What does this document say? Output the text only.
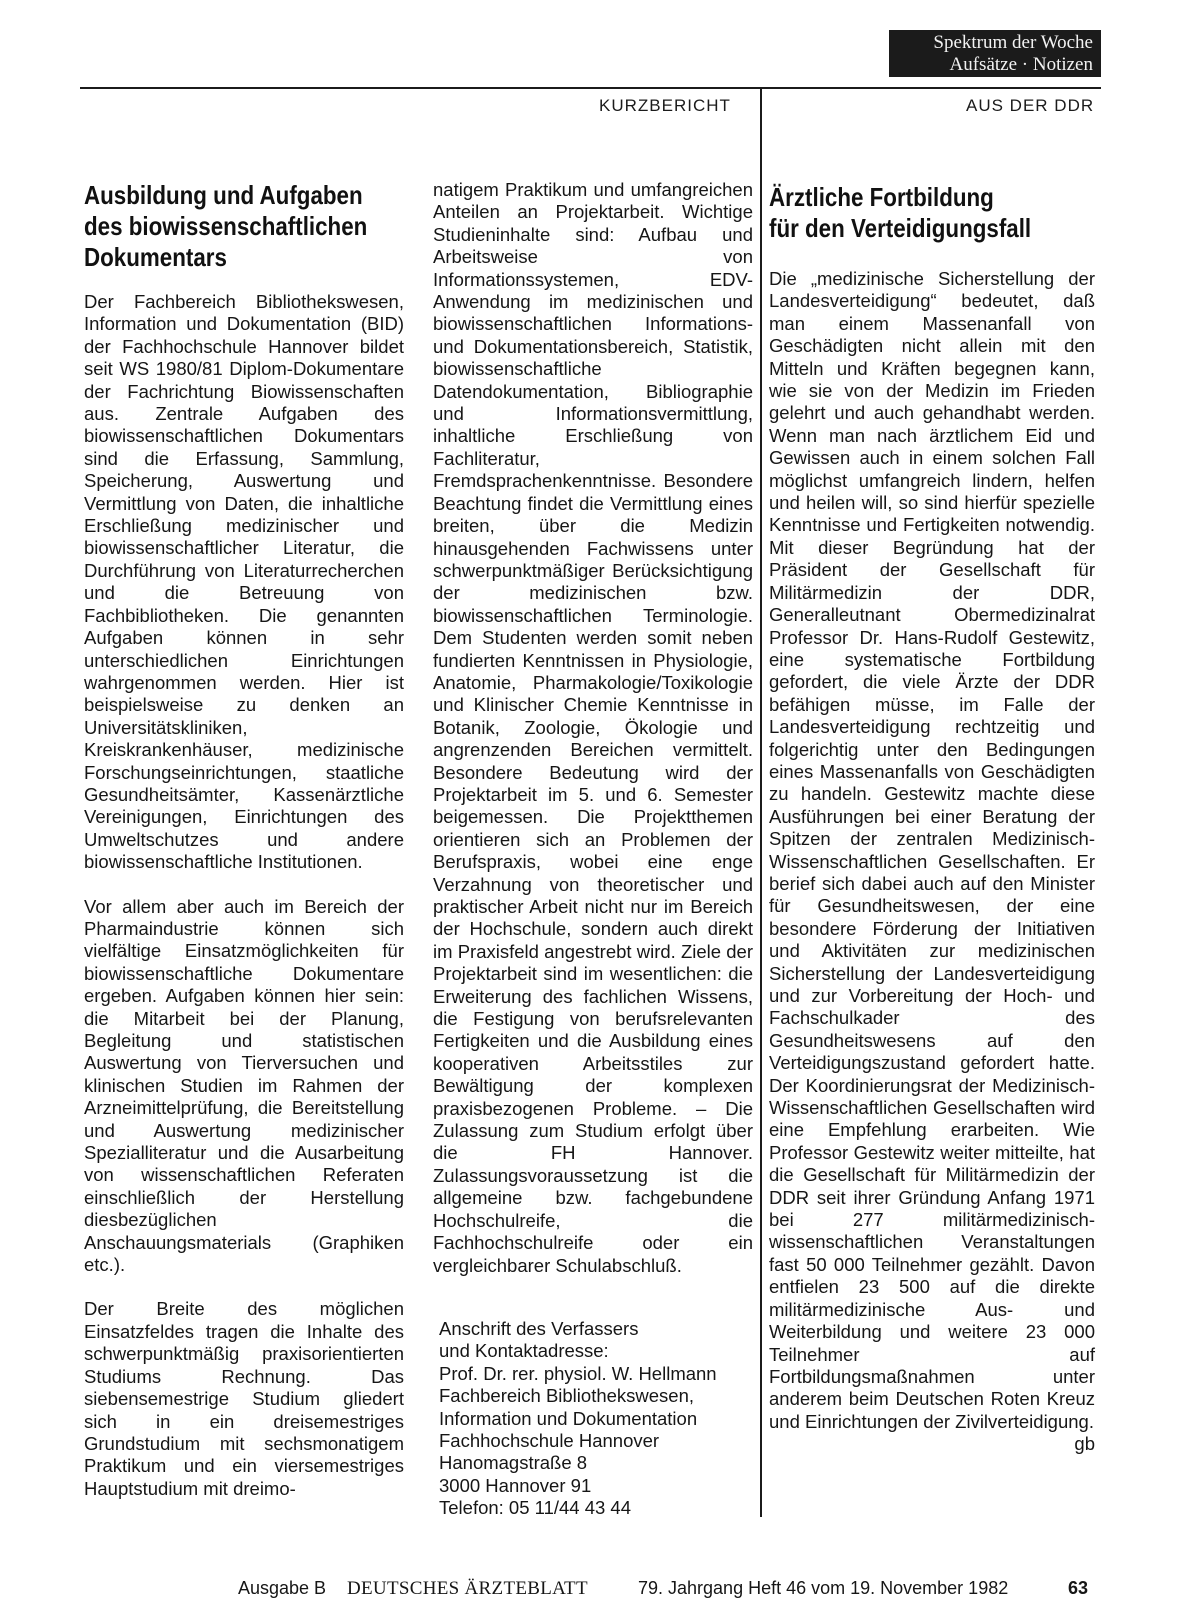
Spektrum der Woche
Aufsätze · Notizen
KURZBERICHT	AUS DER DDR
Ausbildung und Aufgaben
des biowissenschaftlichen
Dokumentars

Der Fachbereich Bibliothekswesen, Information und Dokumentation (BID) der Fachhochschule Hannover bildet seit WS 1980/81 Diplom-Dokumentare der Fachrichtung Biowissenschaften aus. Zentrale Aufgaben des biowissenschaftlichen Dokumentars sind die Erfassung, Sammlung, Speicherung, Auswertung und Vermittlung von Daten, die inhaltliche Erschließung medizinischer und biowissenschaftlicher Literatur, die Durchführung von Literaturrecherchen und die Betreuung von Fachbibliotheken. Die genannten Aufgaben können in sehr unterschiedlichen Einrichtungen wahrgenommen werden. Hier ist beispielsweise zu denken an Universitätskliniken, Kreiskrankenhäuser, medizinische Forschungseinrichtungen, staatliche Gesundheitsämter, Kassenärztliche Vereinigungen, Einrichtungen des Umweltschutzes und andere biowissenschaftliche Institutionen.

Vor allem aber auch im Bereich der Pharmaindustrie können sich vielfältige Einsatzmöglichkeiten für biowissenschaftliche Dokumentare ergeben. Aufgaben können hier sein: die Mitarbeit bei der Planung, Begleitung und statistischen Auswertung von Tierversuchen und klinischen Studien im Rahmen der Arzneimittelprüfung, die Bereitstellung und Auswertung medizinischer Spezialliteratur und die Ausarbeitung von wissenschaftlichen Referaten einschließlich der Herstellung diesbezüglichen Anschauungsmaterials (Graphiken etc.).

Der Breite des möglichen Einsatzfeldes tragen die Inhalte des schwerpunktmäßig praxisorientierten Studiums Rechnung. Das siebensemestrige Studium gliedert sich in ein dreisemestriges Grundstudium mit sechsmonatigem Praktikum und ein viersemestriges Hauptstudium mit dreimo-

natigem Praktikum und umfangreichen Anteilen an Projektarbeit. Wichtige Studieninhalte sind: Aufbau und Arbeitsweise von Informationssystemen, EDV-Anwendung im medizinischen und biowissenschaftlichen Informations- und Dokumentationsbereich, Statistik, biowissenschaftliche Datendokumentation, Bibliographie und Informationsvermittlung, inhaltliche Erschließung von Fachliteratur, Fremdsprachenkenntnisse. Besondere Beachtung findet die Vermittlung eines breiten, über die Medizin hinausgehenden Fachwissens unter schwerpunktmäßiger Berücksichtigung der medizinischen bzw. biowissenschaftlichen Terminologie. Dem Studenten werden somit neben fundierten Kenntnissen in Physiologie, Anatomie, Pharmakologie/Toxikologie und Klinischer Chemie Kenntnisse in Botanik, Zoologie, Ökologie und angrenzenden Bereichen vermittelt. Besondere Bedeutung wird der Projektarbeit im 5. und 6. Semester beigemessen. Die Projektthemen orientieren sich an Problemen der Berufspraxis, wobei eine enge Verzahnung von theoretischer und praktischer Arbeit nicht nur im Bereich der Hochschule, sondern auch direkt im Praxisfeld angestrebt wird. Ziele der Projektarbeit sind im wesentlichen: die Erweiterung des fachlichen Wissens, die Festigung von berufsrelevanten Fertigkeiten und die Ausbildung eines kooperativen Arbeitsstiles zur Bewältigung der komplexen praxisbezogenen Probleme. – Die Zulassung zum Studium erfolgt über die FH Hannover. Zulassungsvoraussetzung ist die allgemeine bzw. fachgebundene Hochschulreife, die Fachhochschulreife oder ein vergleichbarer Schulabschluß.

Anschrift des Verfassers
und Kontaktadresse:
Prof. Dr. rer. physiol. W. Hellmann
Fachbereich Bibliothekswesen,
Information und Dokumentation
Fachhochschule Hannover
Hanomagstraße 8
3000 Hannover 91
Telefon: 05 11/44 43 44
Ärztliche Fortbildung
für den Verteidigungsfall

Die „medizinische Sicherstellung der Landesverteidigung“ bedeutet, daß man einem Massenanfall von Geschädigten nicht allein mit den Mitteln und Kräften begegnen kann, wie sie von der Medizin im Frieden gelehrt und auch gehandhabt werden. Wenn man nach ärztlichem Eid und Gewissen auch in einem solchen Fall möglichst umfangreich lindern, helfen und heilen will, so sind hierfür spezielle Kenntnisse und Fertigkeiten notwendig. Mit dieser Begründung hat der Präsident der Gesellschaft für Militärmedizin der DDR, Generalleutnant Obermedizinalrat Professor Dr. Hans-Rudolf Gestewitz, eine systematische Fortbildung gefordert, die viele Ärzte der DDR befähigen müsse, im Falle der Landesverteidigung rechtzeitig und folgerichtig unter den Bedingungen eines Massenanfalls von Geschädigten zu handeln. Gestewitz machte diese Ausführungen bei einer Beratung der Spitzen der zentralen Medizinisch-Wissenschaftlichen Gesellschaften. Er berief sich dabei auch auf den Minister für Gesundheitswesen, der eine besondere Förderung der Initiativen und Aktivitäten zur medizinischen Sicherstellung der Landesverteidigung und zur Vorbereitung der Hoch- und Fachschulkader des Gesundheitswesens auf den Verteidigungszustand gefordert hatte. Der Koordinierungsrat der Medizinisch-Wissenschaftlichen Gesellschaften wird eine Empfehlung erarbeiten. Wie Professor Gestewitz weiter mitteilte, hat die Gesellschaft für Militärmedizin der DDR seit ihrer Gründung Anfang 1971 bei 277 militärmedizinisch-wissenschaftlichen Veranstaltungen fast 50 000 Teilnehmer gezählt. Davon entfielen 23 500 auf die direkte militärmedizinische Aus- und Weiterbildung und weitere 23 000 Teilnehmer auf Fortbildungsmaßnahmen unter anderem beim Deutschen Roten Kreuz und Einrichtungen der Zivilverteidigung.
gb

Ausgabe B DEUTSCHES ÄRZTEBLATT	79. Jahrgang Heft 46 vom 19. November 1982	63
